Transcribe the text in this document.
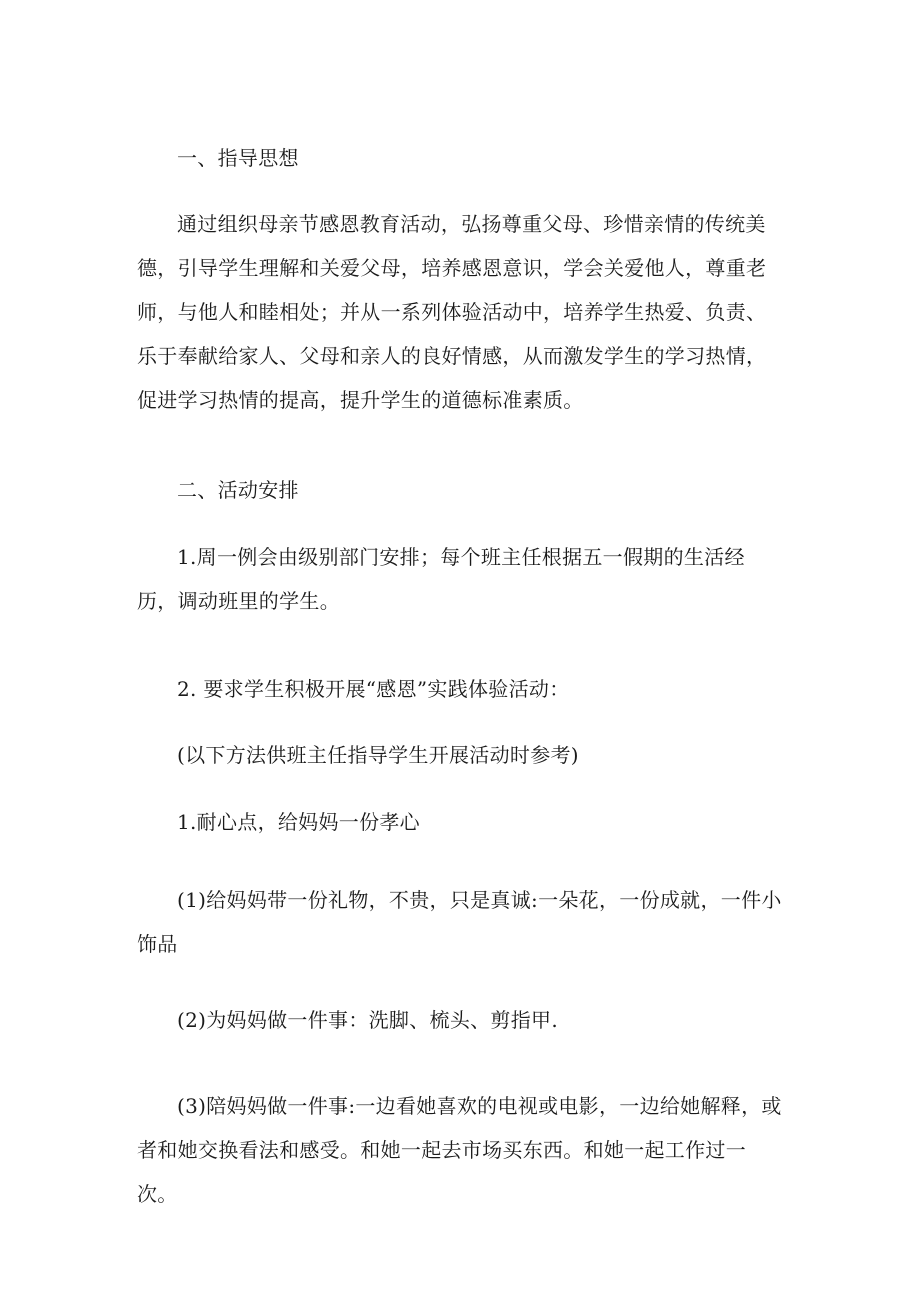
一、指导思想

通过组织母亲节感恩教育活动，弘扬尊重父母、珍惜亲情的传统美德，引导学生理解和关爱父母，培养感恩意识，学会关爱他人，尊重老师，与他人和睦相处；并从一系列体验活动中，培养学生热爱、负责、乐于奉献给家人、父母和亲人的良好情感，从而激发学生的学习热情，促进学习热情的提高，提升学生的道德标准素质。

二、活动安排

1.周一例会由级别部门安排；每个班主任根据五一假期的生活经历，调动班里的学生。

2. 要求学生积极开展“感恩”实践体验活动：

(以下方法供班主任指导学生开展活动时参考)

1.耐心点，给妈妈一份孝心

(1)给妈妈带一份礼物，不贵，只是真诚:一朵花，一份成就，一件小饰品

(2)为妈妈做一件事：洗脚、梳头、剪指甲.

(3)陪妈妈做一件事:一边看她喜欢的电视或电影，一边给她解释，或者和她交换看法和感受。和她一起去市场买东西。和她一起工作过一次。
